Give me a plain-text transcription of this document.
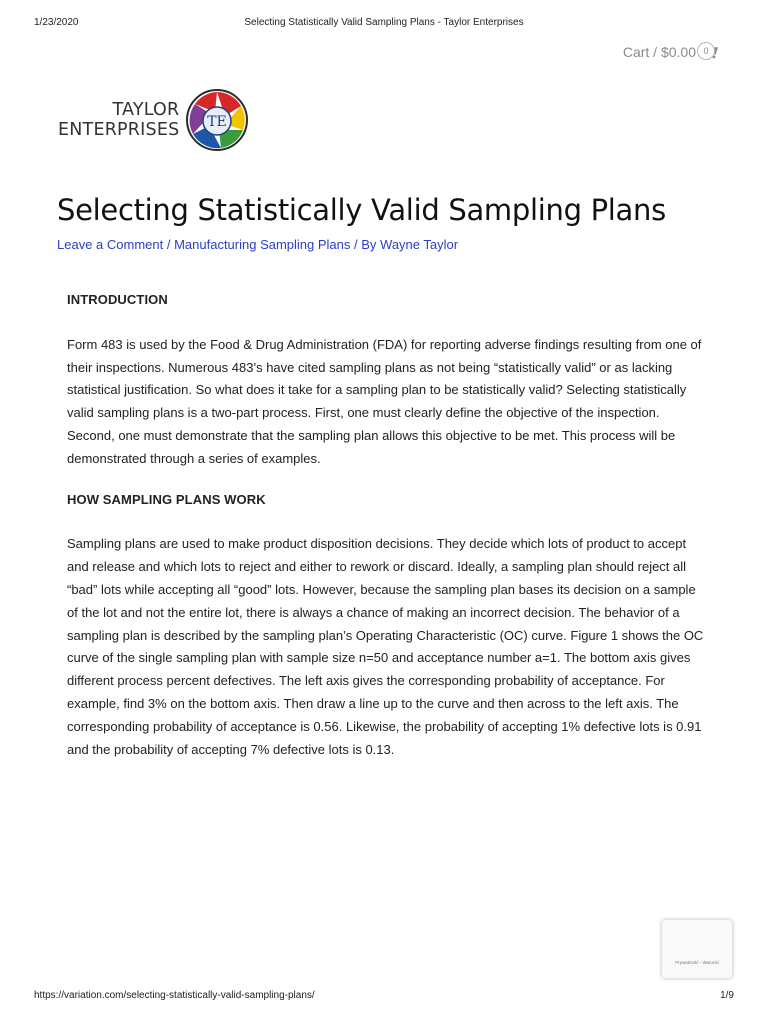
1/23/2020	Selecting Statistically Valid Sampling Plans - Taylor Enterprises
Cart / $0.00 0
TAYLOR
ENTERPRISES TE
Selecting Statistically Valid Sampling Plans
Leave a Comment / Manufacturing Sampling Plans / By Wayne Taylor
INTRODUCTION

Form 483 is used by the Food & Drug Administration (FDA) for reporting adverse findings resulting from one of their inspections. Numerous 483’s have cited sampling plans as not being “statistically valid” or as lacking statistical justification. So what does it take for a sampling plan to be statistically valid? Selecting statistically valid sampling plans is a two-part process. First, one must clearly define the objective of the inspection. Second, one must demonstrate that the sampling plan allows this objective to be met. This process will be demonstrated through a series of examples.

HOW SAMPLING PLANS WORK

Sampling plans are used to make product disposition decisions. They decide which lots of product to accept and release and which lots to reject and either to rework or discard. Ideally, a sampling plan should reject all “bad” lots while accepting all “good” lots. However, because the sampling plan bases its decision on a sample of the lot and not the entire lot, there is always a chance of making an incorrect decision. The behavior of a sampling plan is described by the sampling plan’s Operating Characteristic (OC) curve. Figure 1 shows the OC curve of the single sampling plan with sample size n=50 and acceptance number a=1. The bottom axis gives different process percent defectives. The left axis gives the corresponding probability of acceptance. For example, find 3% on the bottom axis. Then draw a line up to the curve and then across to the left axis. The corresponding probability of acceptance is 0.56. Likewise, the probability of accepting 1% defective lots is 0.91 and the probability of accepting 7% defective lots is 0.13.

Prywatność - Warunki
https://variation.com/selecting-statistically-valid-sampling-plans/	1/9
